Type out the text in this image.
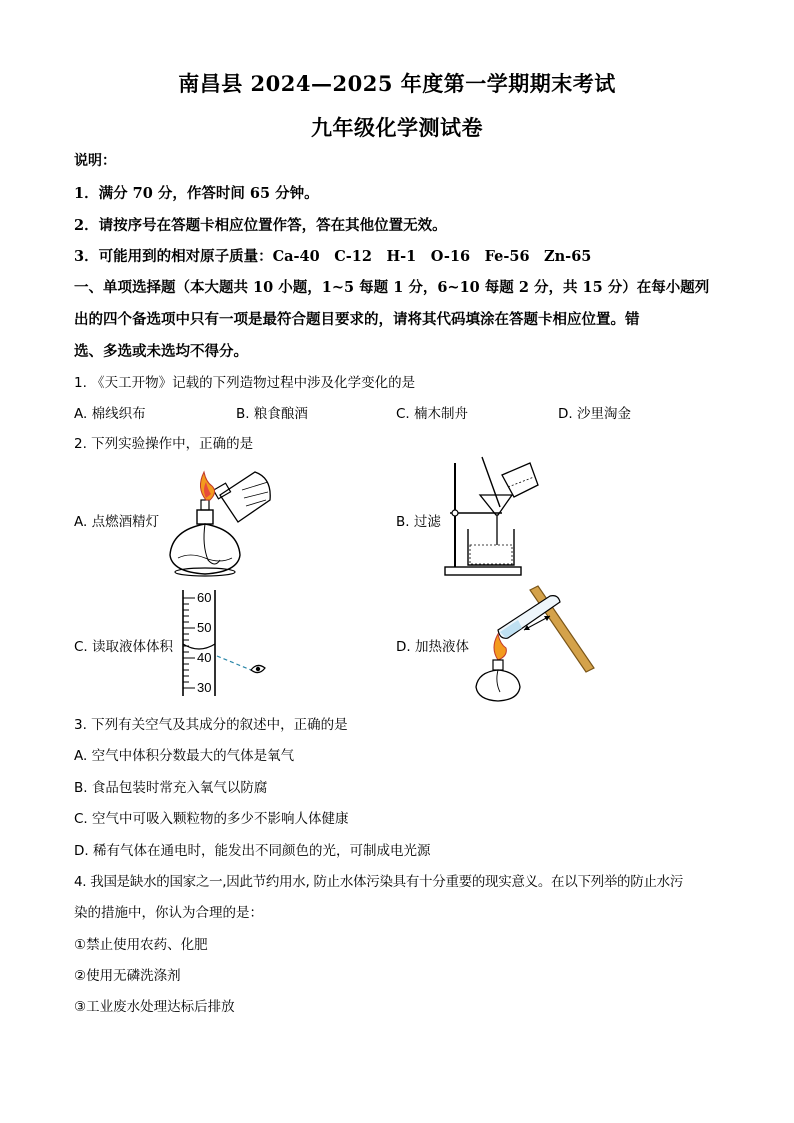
南昌县 2024—2025 年度第一学期期末考试
九年级化学测试卷
说明：
1．满分 70 分，作答时间 65 分钟。
2．请按序号在答题卡相应位置作答，答在其他位置无效。
3．可能用到的相对原子质量：Ca-40　C-12　H-1　O-16　Fe-56　Zn-65
一、单项选择题（本大题共 10 小题，1~5 每题 1 分，6~10 每题 2 分，共 15 分）在每小题列
出的四个备选项中只有一项是最符合题目要求的，请将其代码填涂在答题卡相应位置。错
选、多选或未选均不得分。
1. 《天工开物》记载的下列造物过程中涉及化学变化的是
A. 棉线织布	B. 粮食酿酒	C. 楠木制舟	D. 沙里淘金
2. 下列实验操作中，正确的是
A. 点燃酒精灯	B. 过滤
C. 读取液体体积
60
50
40
30
D. 加热液体
3. 下列有关空气及其成分的叙述中，正确的是
A. 空气中体积分数最大的气体是氧气
B. 食品包装时常充入氧气以防腐
C. 空气中可吸入颗粒物的多少不影响人体健康
D. 稀有气体在通电时，能发出不同颜色的光，可制成电光源
4. 我国是缺水的国家之一,因此节约用水, 防止水体污染具有十分重要的现实意义。在以下列举的防止水污
染的措施中，你认为合理的是：
①禁止使用农药、化肥
②使用无磷洗涤剂
③工业废水处理达标后排放
